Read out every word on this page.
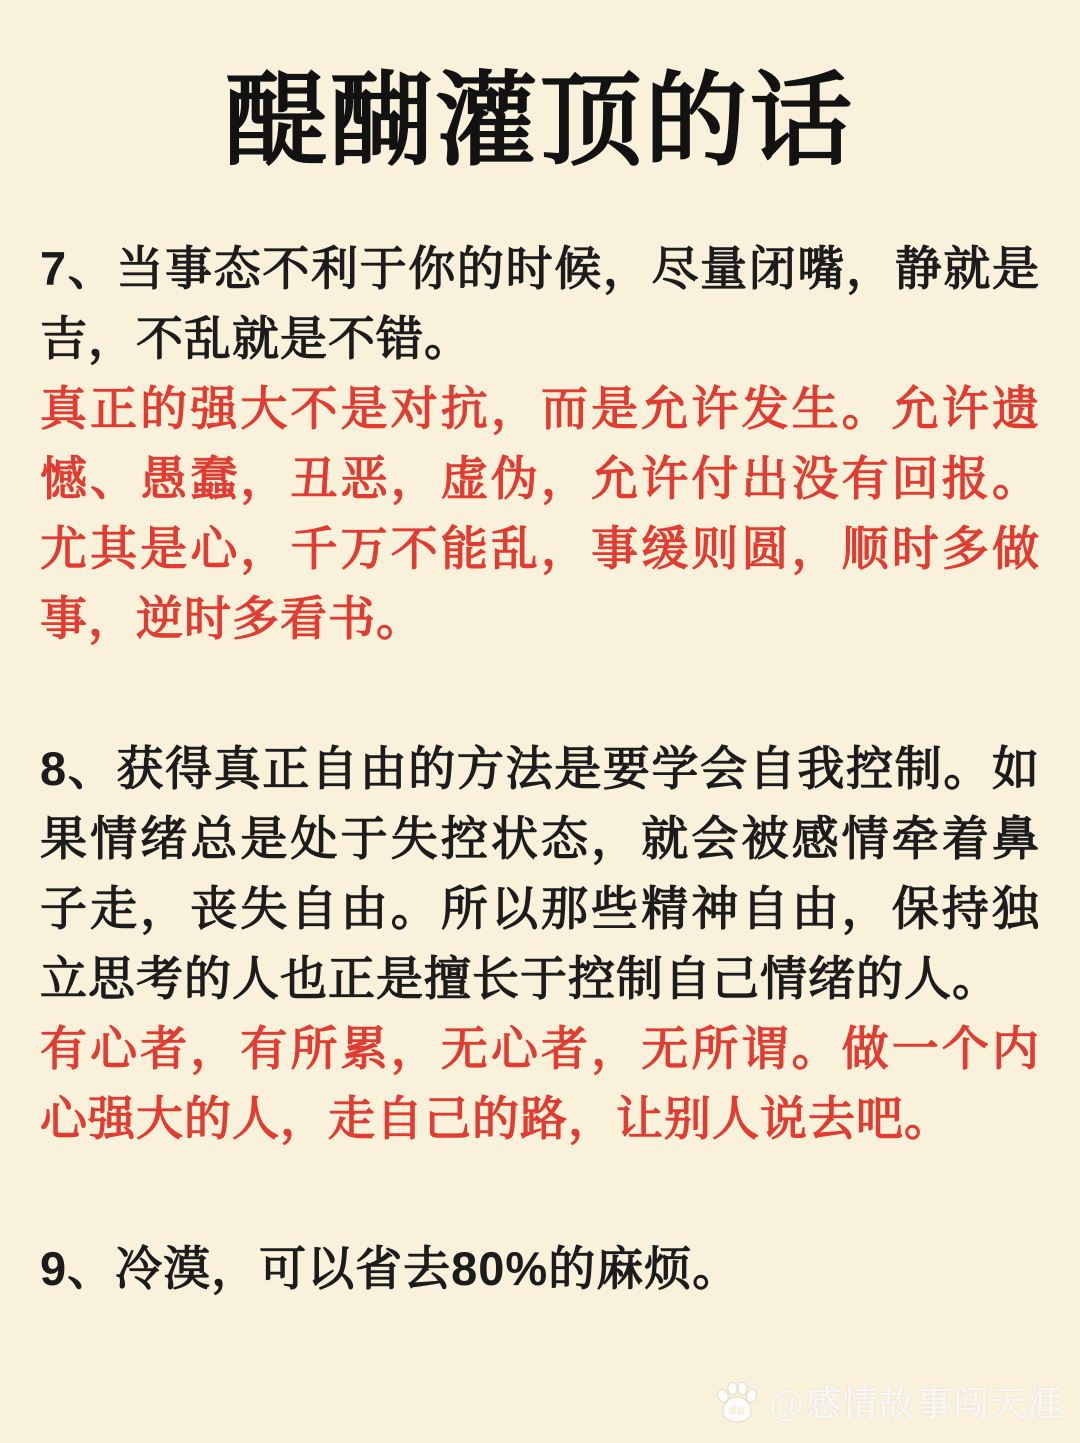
醍醐灌顶的话

7、当事态不利于你的时候，尽量闭嘴，静就是吉，不乱就是不错。

真正的强大不是对抗，而是允许发生。允许遗憾、愚蠢，丑恶，虚伪，允许付出没有回报。尤其是心，千万不能乱，事缓则圆，顺时多做事，逆时多看书。

8、获得真正自由的方法是要学会自我控制。如果情绪总是处于失控状态，就会被感情牵着鼻子走，丧失自由。所以那些精神自由，保持独立思考的人也正是擅长于控制自己情绪的人。

有心者，有所累，无心者，无所谓。做一个内心强大的人，走自己的路，让别人说去吧。

9、冷漠，可以省去80%的麻烦。

du @感情故事闯天涯
